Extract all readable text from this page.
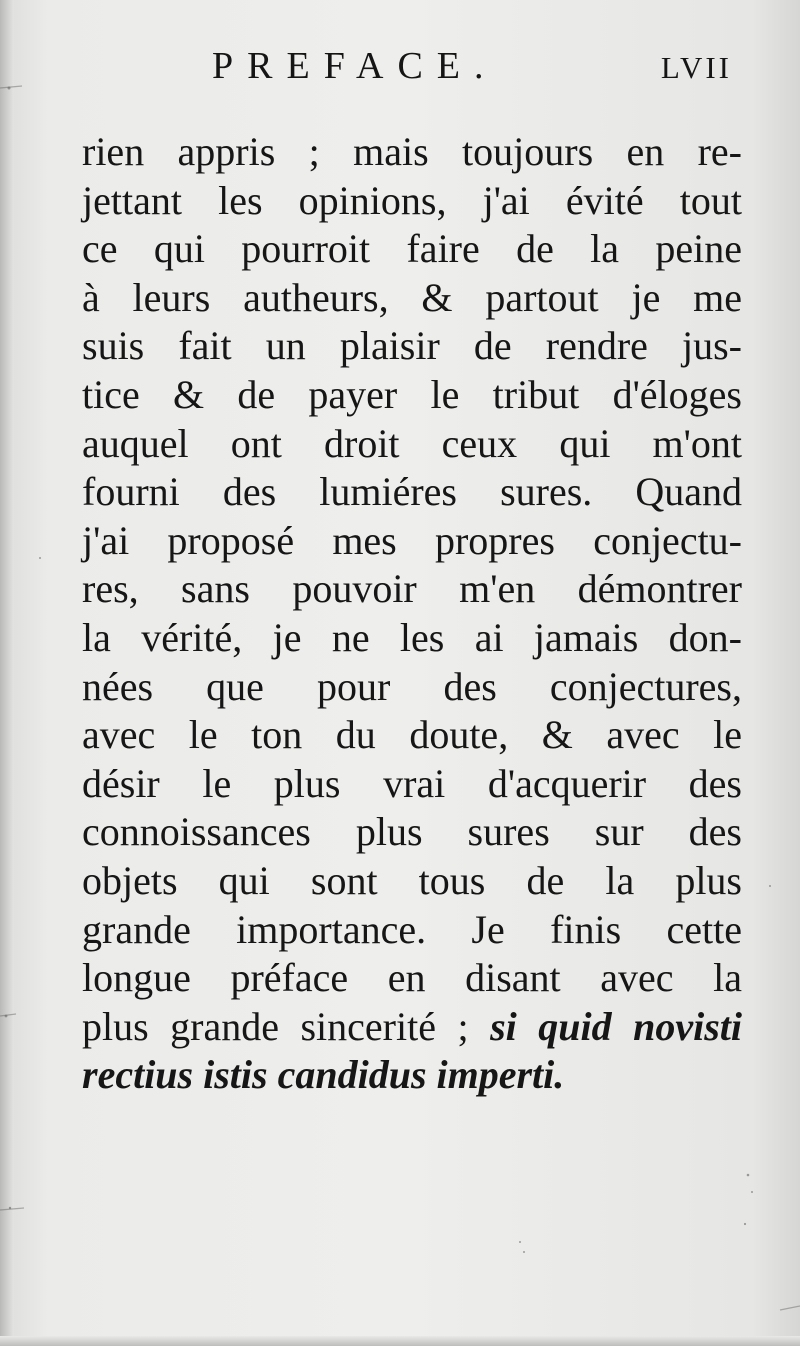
PREFACE.	LVII
rien appris ; mais toujours en re-
jettant les opinions, j'ai évité tout
ce qui pourroit faire de la peine
à leurs autheurs, & partout je me
suis fait un plaisir de rendre jus-
tice & de payer le tribut d'éloges
auquel ont droit ceux qui m'ont
fourni des lumiéres sures. Quand
j'ai proposé mes propres conjectu-
res, sans pouvoir m'en démontrer
la vérité, je ne les ai jamais don-
nées que pour des conjectures,
avec le ton du doute, & avec le
désir le plus vrai d'acquerir des
connoissances plus sures sur des
objets qui sont tous de la plus
grande importance. Je finis cette
longue préface en disant avec la
plus grande sincerité ; si quid novisti
rectius istis candidus imperti.
